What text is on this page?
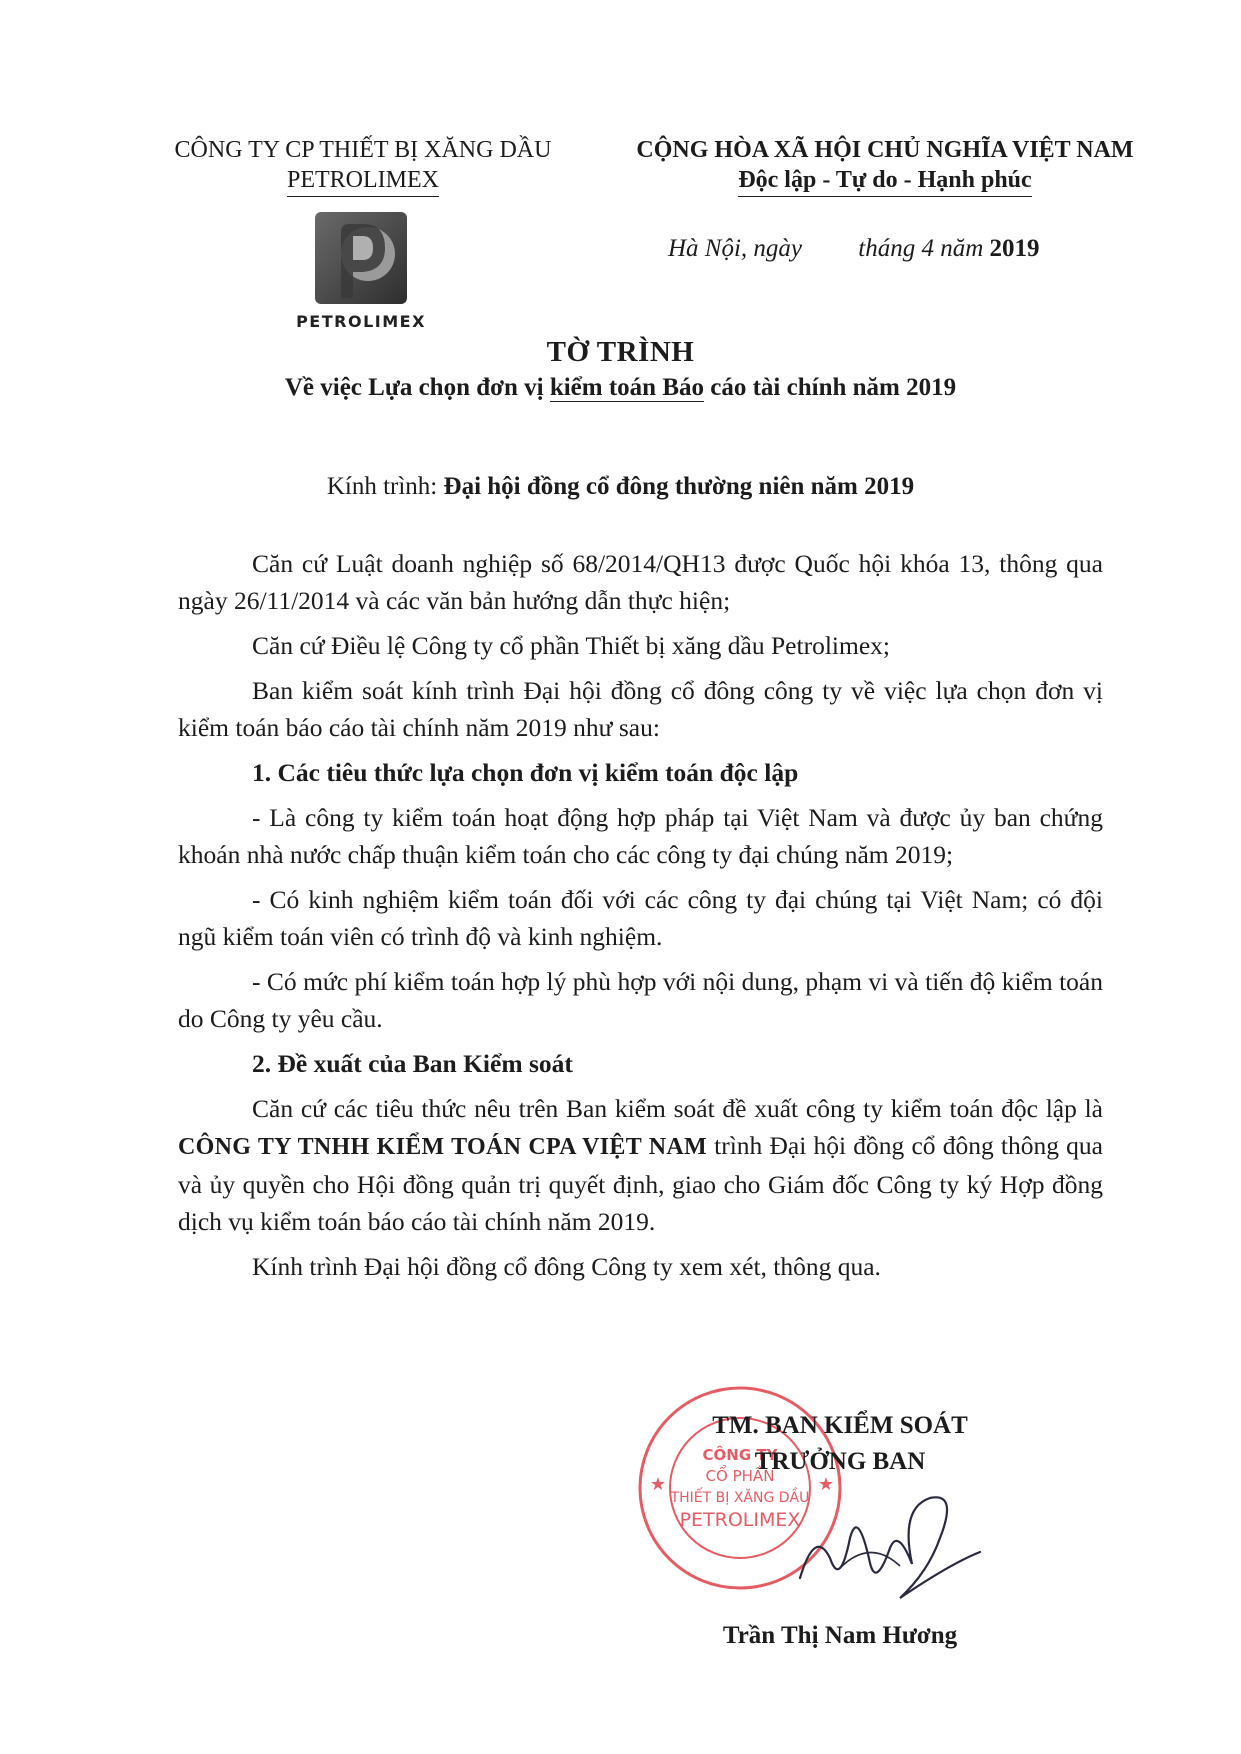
CÔNG TY CP THIẾT BỊ XĂNG DẦU
PETROLIMEX
CỘNG HÒA XÃ HỘI CHỦ NGHĨA VIỆT NAM
Độc lập - Tự do - Hạnh phúc
PETROLIMEX
Hà Nội, ngày tháng 4 năm 2019
TỜ TRÌNH
Về việc Lựa chọn đơn vị kiểm toán Báo cáo tài chính năm 2019
Kính trình: Đại hội đồng cổ đông thường niên năm 2019

Căn cứ Luật doanh nghiệp số 68/2014/QH13 được Quốc hội khóa 13, thông qua ngày 26/11/2014 và các văn bản hướng dẫn thực hiện;

Căn cứ Điều lệ Công ty cổ phần Thiết bị xăng dầu Petrolimex;

Ban kiểm soát kính trình Đại hội đồng cổ đông công ty về việc lựa chọn đơn vị kiểm toán báo cáo tài chính năm 2019 như sau:

1. Các tiêu thức lựa chọn đơn vị kiểm toán độc lập

- Là công ty kiểm toán hoạt động hợp pháp tại Việt Nam và được ủy ban chứng khoán nhà nước chấp thuận kiểm toán cho các công ty đại chúng năm 2019;

- Có kinh nghiệm kiểm toán đối với các công ty đại chúng tại Việt Nam; có đội ngũ kiểm toán viên có trình độ và kinh nghiệm.

- Có mức phí kiểm toán hợp lý phù hợp với nội dung, phạm vi và tiến độ kiểm toán do Công ty yêu cầu.

2. Đề xuất của Ban Kiểm soát

Căn cứ các tiêu thức nêu trên Ban kiểm soát đề xuất công ty kiểm toán độc lập là CÔNG TY TNHH KIỂM TOÁN CPA VIỆT NAM trình Đại hội đồng cổ đông thông qua và ủy quyền cho Hội đồng quản trị quyết định, giao cho Giám đốc Công ty ký Hợp đồng dịch vụ kiểm toán báo cáo tài chính năm 2019.

Kính trình Đại hội đồng cổ đông Công ty xem xét, thông qua.

CÔNG TY
CỔ PHẦN
THIẾT BỊ XĂNG DẦU
PETROLIMEX
★	★
TM. BAN KIỂM SOÁT
TRƯỞNG BAN
Trần Thị Nam Hương
